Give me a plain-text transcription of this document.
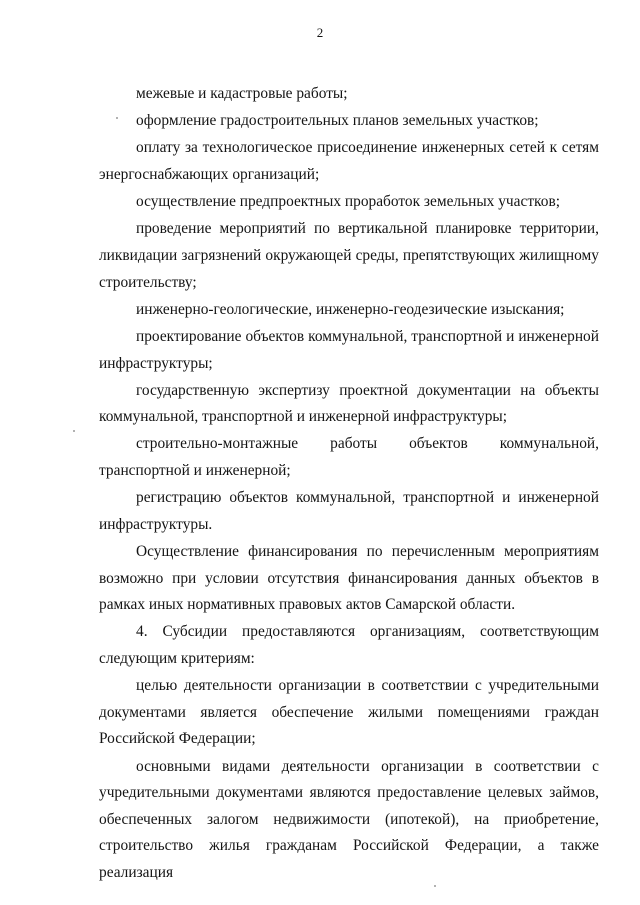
2

межевые и кадастровые работы;

оформление градостроительных планов земельных участков;

оплату за технологическое присоединение инженерных сетей к сетям энергоснабжающих организаций;

осуществление предпроектных проработок земельных участков;

проведение мероприятий по вертикальной планировке территории, ликвидации загрязнений окружающей среды, препятствующих жилищному строительству;

инженерно-геологические, инженерно-геодезические изыскания;

проектирование объектов коммунальной, транспортной и инженерной инфраструктуры;

государственную экспертизу проектной документации на объекты коммунальной, транспортной и инженерной инфраструктуры;

строительно-монтажные работы объектов коммунальной, транспортной и инженерной;

регистрацию объектов коммунальной, транспортной и инженерной инфраструктуры.

Осуществление финансирования по перечисленным мероприятиям возможно при условии отсутствия финансирования данных объектов в рамках иных нормативных правовых актов Самарской области.

4. Субсидии предоставляются организациям, соответствующим следующим критериям:

целью деятельности организации в соответствии с учредительными документами является обеспечение жилыми помещениями граждан Российской Федерации;

основными видами деятельности организации в соответствии с учредительными документами являются предоставление целевых займов, обеспеченных залогом недвижимости (ипотекой), на приобретение, строительство жилья гражданам Российской Федерации, а также реализация
